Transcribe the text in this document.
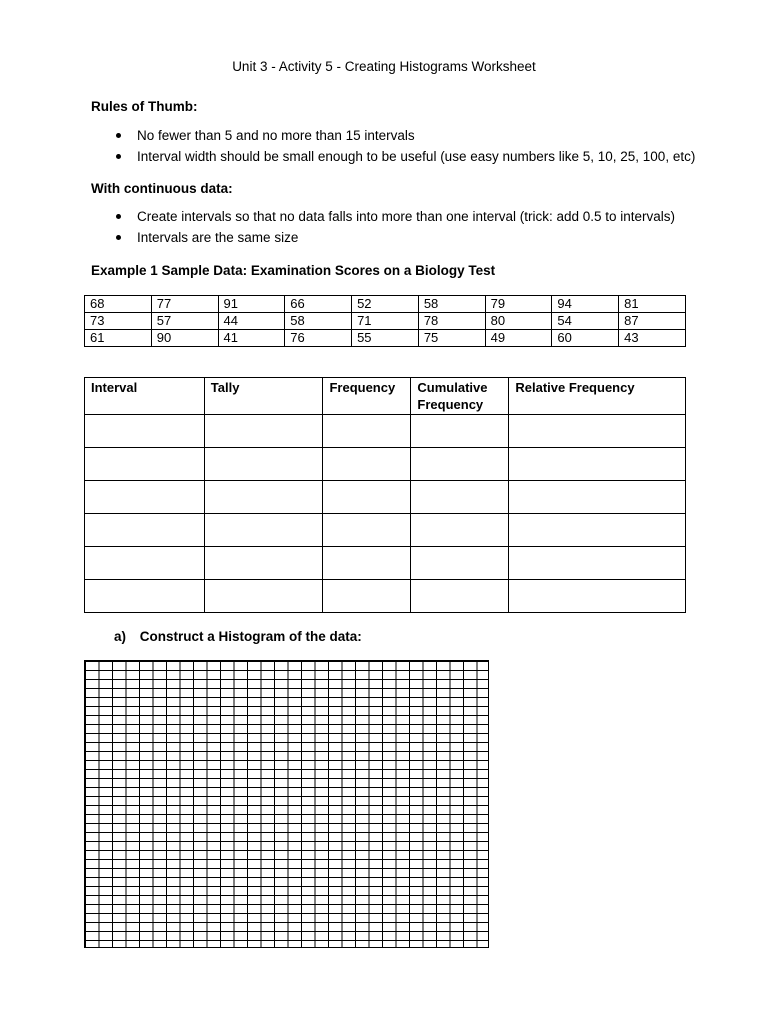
Unit 3 - Activity 5 - Creating Histograms Worksheet
Rules of Thumb:
No fewer than 5 and no more than 15 intervals
Interval width should be small enough to be useful (use easy numbers like 5, 10, 25, 100, etc)
With continuous data:
Create intervals so that no data falls into more than one interval (trick: add 0.5 to intervals)
Intervals are the same size
Example 1 Sample Data: Examination Scores on a Biology Test
68	77	91	66	52	58	79	94	81
73	57	44	58	71	78	80	54	87
61	90	41	76	55	75	49	60	43
Interval	Tally	Frequency	Cumulative Frequency	Relative Frequency

a) Construct a Histogram of the data:
